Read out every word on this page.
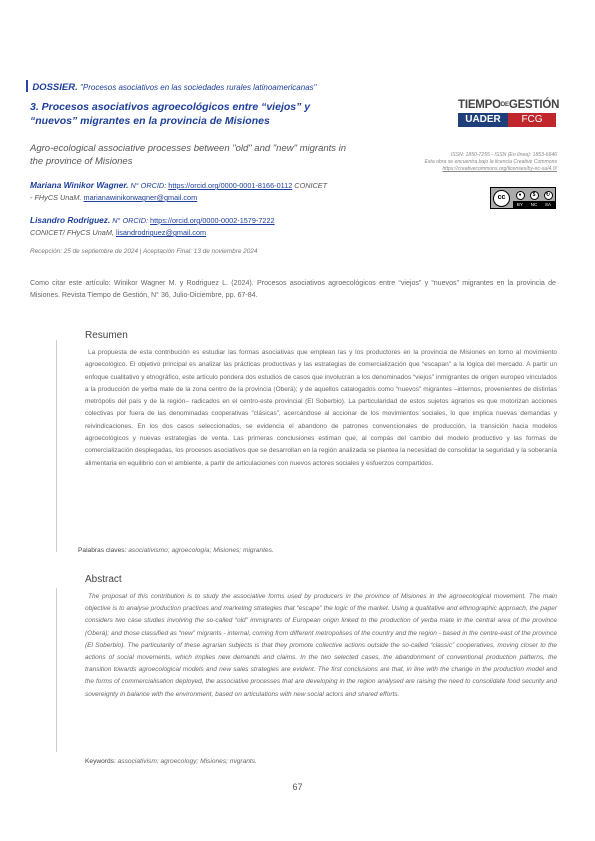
DOSSIER. "Procesos asociativos en las sociedades rurales latinoamericanas"
3. Procesos asociativos agroecológicos entre “viejos” y “nuevos” migrantes en la provincia de Misiones
Agro-ecological associative processes between "old" and "new" migrants in the province of Misiones
Mariana Winikor Wagner. N° ORCID: https://orcid.org/0000-0001-8166-0112 CONICET
- FHyCS UnaM. marianawinikorwagner@gmail.com
Lisandro Rodriguez. N° ORCID: https://orcid.org/0000-0002-1579-7222
CONICET/ FHyCS UnaM, lisandrodriguez@gmail.com
Recepción: 25 de septiembre de 2024 | Aceptación Final: 13 de noviembre 2024
Como citar este artículo: Winikor Wagner M. y Rodriguez L. (2024). Procesos asociativos agroecológicos entre “viejos” y “nuevos” migrantes en la provincia de Misiones. Revista Tiempo de Gestión, N° 36, Julio-Diciembre, pp. 67-84.
TIEMPODEGESTIÓN
UADER	FCG
ISSN: 1850-7255 - ISSN (En línea): 1853-6646
Esta obra se encuentra bajo la licencia Creative Commons
https://creativecommons.org/licenses/by-nc-sa/4.0/
cc	●	$	↻
BY NC SA
Resumen
La propuesta de esta contribución es estudiar las formas asociativas que emplean las y los productores en la provincia de Misiones en torno al movimiento agroecológico. El objetivo principal es analizar las prácticas productivas y las estrategias de comercialización que “escapan” a la lógica del mercado. A partir un enfoque cualitativo y etnográfico, este artículo pondera dos estudios de casos que involucran a los denominados “viejos” inmigrantes de origen europeo vinculados a la producción de yerba mate de la zona centro de la provincia (Oberá); y de aquellos catalogados como “nuevos” migrantes –internos, provenientes de distintas metrópolis del país y de la región– radicados en el centro-este provincial (El Soberbio). La particularidad de estos sujetos agrarios es que motorizan acciones colectivas por fuera de las denominadas cooperativas “clásicas”, acercándose al accionar de los movimientos sociales, lo que implica nuevas demandas y reivindicaciones. En los dos casos seleccionados, se evidencia el abandono de patrones convencionales de producción, la transición hacia modelos agroecológicos y nuevas estrategias de venta. Las primeras conclusiones estiman que, al compás del cambio del modelo productivo y las formas de comercialización desplegadas, los procesos asociativos que se desarrollan en la región analizada se plantea la necesidad de consolidar la seguridad y la soberanía alimentaria en equilibrio con el ambiente, a partir de articulaciones con nuevos actores sociales y esfuerzos compartidos.
Palabras claves: asociativismo; agroecología; Misiones; migrantes.
Abstract
The proposal of this contribution is to study the associative forms used by producers in the province of Misiones in the agroecological movement. The main objective is to analyse production practices and marketing strategies that “escape” the logic of the market. Using a qualitative and ethnographic approach, the paper considers two case studies involving the so-called “old” immigrants of European origin linked to the production of yerba mate in the central area of the province (Oberá); and those classified as “new” migrants - internal, coming from different metropolises of the country and the region - based in the centre-east of the province (El Soberbio). The particularity of these agrarian subjects is that they promote collective actions outside the so-called “classic” cooperatives, moving closer to the actions of social movements, which implies new demands and claims. In the two selected cases, the abandonment of conventional production patterns, the transition towards agroecological models and new sales strategies are evident. The first conclusions are that, in line with the change in the production model and the forms of commercialisation deployed, the associative processes that are developing in the region analysed are raising the need to consolidate food security and sovereignty in balance with the environment, based on articulations with new social actors and shared efforts.
Keywords: associativism; agroecology; Misiones; migrants.
67
